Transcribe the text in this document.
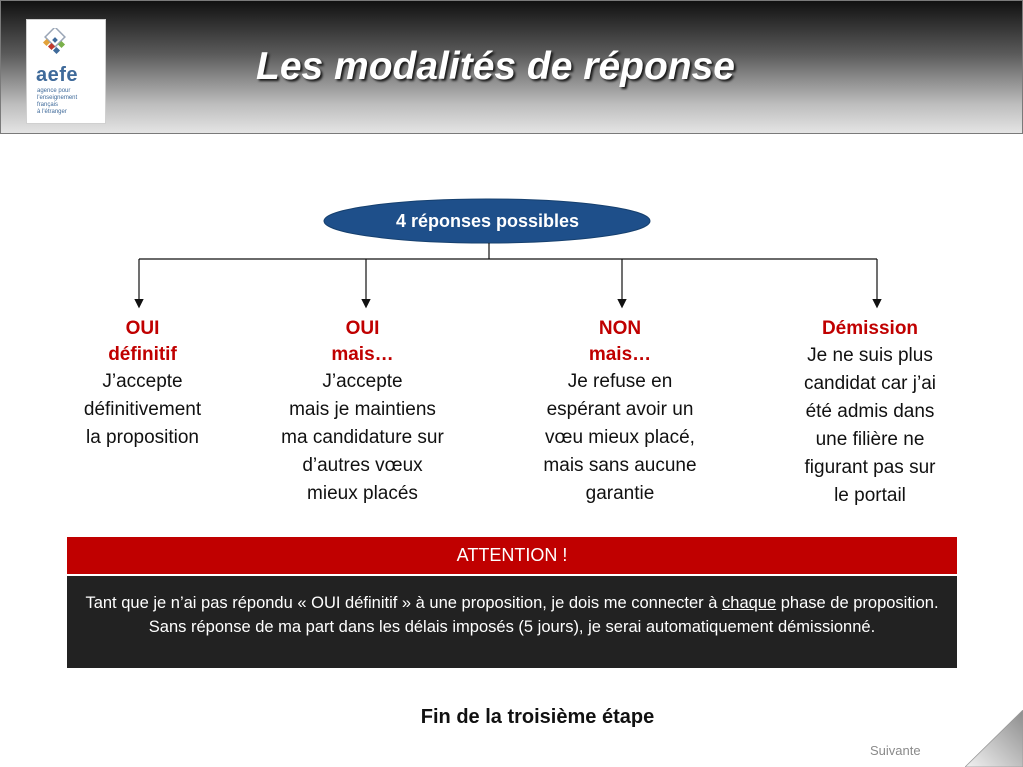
aefe
agence pour
l'enseignement
français
à l'étranger
Les modalités de réponse
4 réponses possibles
OUI
définitif
J’accepte
définitivement
la proposition
OUI
mais…
J’accepte
mais je maintiens
ma candidature sur
d’autres vœux
mieux placés
NON
mais…
Je refuse en
espérant avoir un
vœu mieux placé,
mais sans aucune
garantie
Démission
Je ne suis plus
candidat car j’ai
été admis dans
une filière ne
figurant pas sur
le portail
ATTENTION !
Tant que je n’ai pas répondu « OUI définitif » à une proposition, je dois me connecter à chaque phase de proposition. Sans réponse de ma part dans les délais imposés (5 jours), je serai automatiquement démissionné.
Fin de la troisième étape
Suivante
